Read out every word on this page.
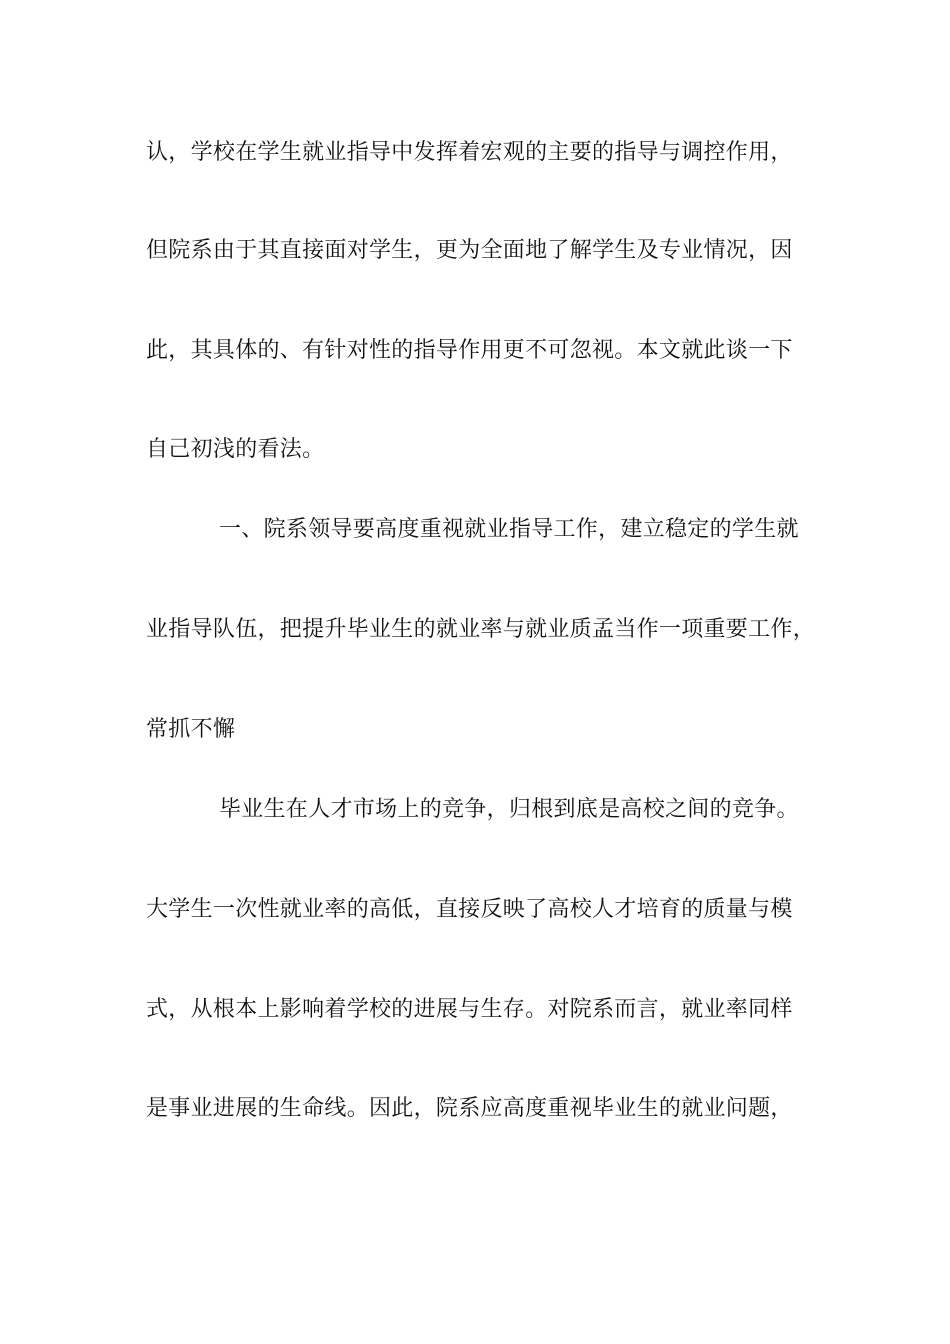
认，学校在学生就业指导中发挥着宏观的主要的指导与调控作用，
但院系由于其直接面对学生，更为全面地了解学生及专业情况，因
此，其具体的、有针对性的指导作用更不可忽视。本文就此谈一下
自己初浅的看法。
一、院系领导要高度重视就业指导工作，建立稳定的学生就
业指导队伍，把提升毕业生的就业率与就业质孟当作一项重要工作，
常抓不懈
毕业生在人才市场上的竞争，归根到底是高校之间的竞争。
大学生一次性就业率的高低，直接反映了高校人才培育的质量与模
式，从根本上影响着学校的进展与生存。对院系而言，就业率同样
是事业进展的生命线。因此，院系应高度重视毕业生的就业问题，
